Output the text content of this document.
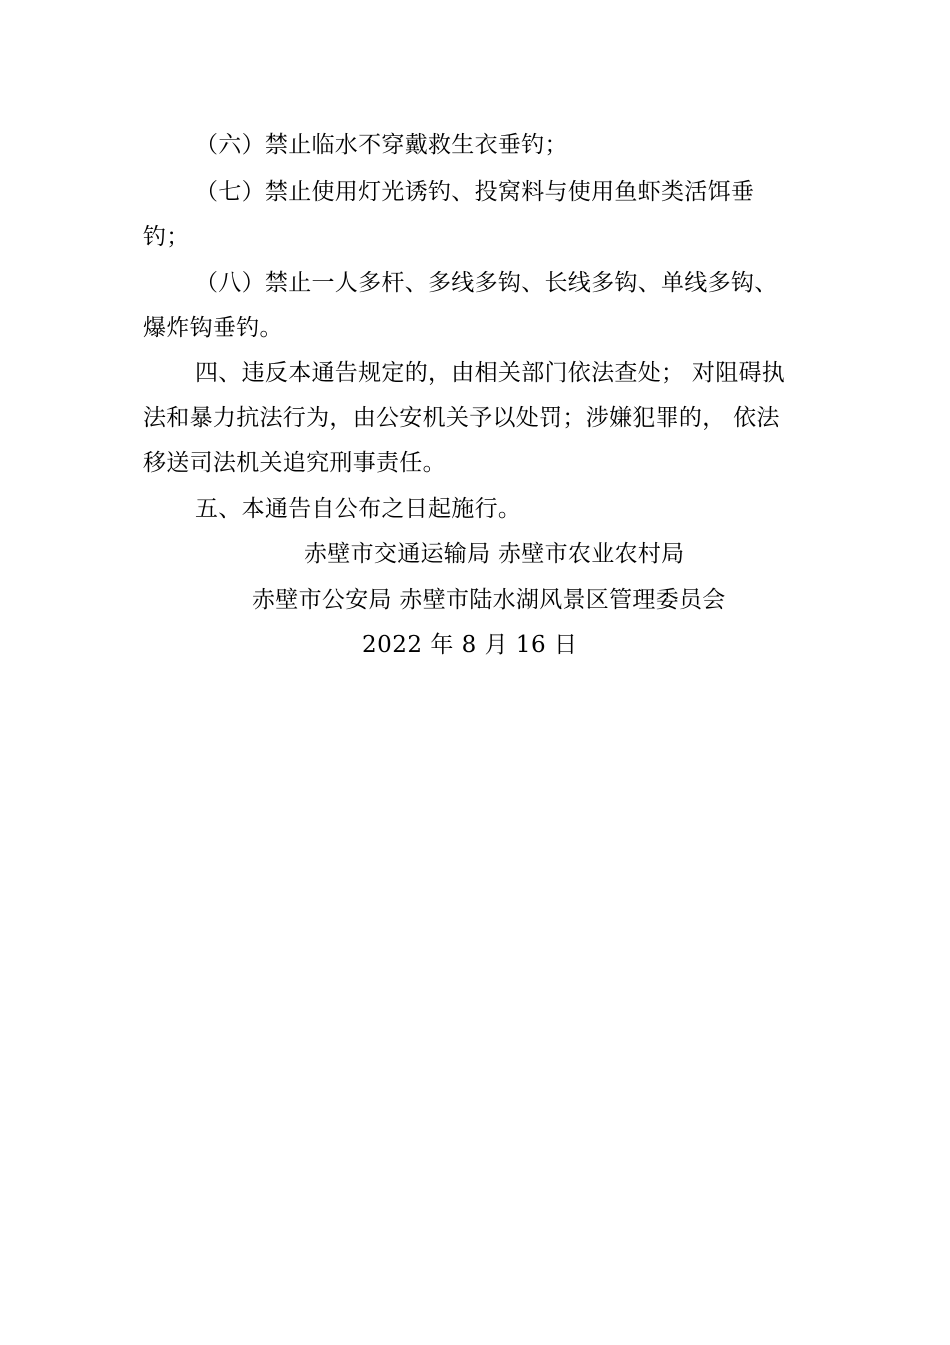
（六）禁止临水不穿戴救生衣垂钓；
（七）禁止使用灯光诱钓、投窝料与使用鱼虾类活饵垂
钓；
（八）禁止一人多杆、多线多钩、长线多钩、单线多钩、
爆炸钩垂钓。
四、违反本通告规定的，由相关部门依法查处； 对阻碍执
法和暴力抗法行为，由公安机关予以处罚；涉嫌犯罪的， 依法
移送司法机关追究刑事责任。
五、本通告自公布之日起施行。
赤壁市交通运输局 赤壁市农业农村局
赤壁市公安局 赤壁市陆水湖风景区管理委员会
2022 年 8 月 16 日
